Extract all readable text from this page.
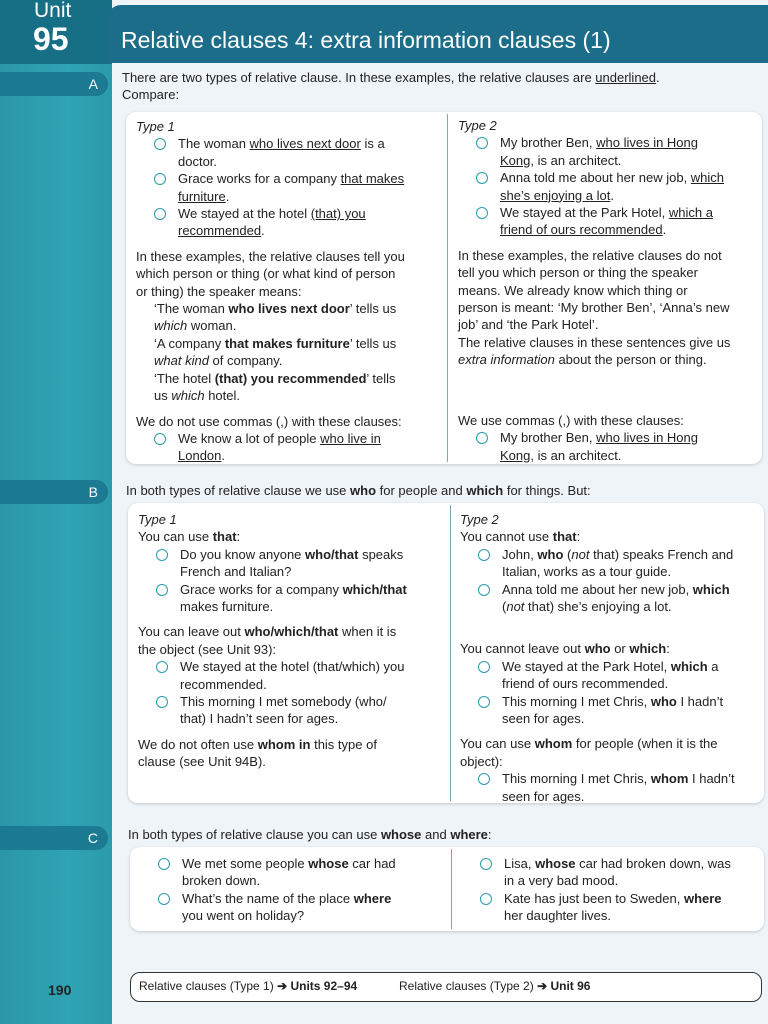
Unit
95 Relative clauses 4: extra information clauses (1)
A There are two types of relative clause. In these examples, the relative clauses are underlined.
Compare:

Type 1

The woman who lives next door is a
doctor.
Grace works for a company that makes
furniture.
We stayed at the hotel (that) you
recommended.

In these examples, the relative clauses tell you

which person or thing (or what kind of person

or thing) the speaker means:

‘The woman who lives next door’ tells us

which woman.

‘A company that makes furniture’ tells us

what kind of company.

‘The hotel (that) you recommended’ tells

us which hotel.

We do not use commas (,) with these clauses:

We know a lot of people who live in
London.

Type 2

My brother Ben, who lives in Hong
Kong, is an architect.
Anna told me about her new job, which
she’s enjoying a lot.
We stayed at the Park Hotel, which a
friend of ours recommended.

In these examples, the relative clauses do not

tell you which person or thing the speaker

means. We already know which thing or

person is meant: ‘My brother Ben’, ‘Anna’s new

job’ and ‘the Park Hotel’.

The relative clauses in these sentences give us

extra information about the person or thing.

We use commas (,) with these clauses:

My brother Ben, who lives in Hong
Kong, is an architect.
B In both types of relative clause we use who for people and which for things. But:

Type 1

You can use that:

Do you know anyone who/that speaks
French and Italian?
Grace works for a company which/that
makes furniture.

You can leave out who/which/that when it is

the object (see Unit 93):

We stayed at the hotel (that/which) you
recommended.
This morning I met somebody (who/
that) I hadn’t seen for ages.

We do not often use whom in this type of

clause (see Unit 94B).

Type 2

You cannot use that:

John, who (not that) speaks French and
Italian, works as a tour guide.
Anna told me about her new job, which
(not that) she’s enjoying a lot.

You cannot leave out who or which:

We stayed at the Park Hotel, which a
friend of ours recommended.
This morning I met Chris, who I hadn’t
seen for ages.

You can use whom for people (when it is the

object):

This morning I met Chris, whom I hadn’t
seen for ages.
C In both types of relative clause you can use whose and where:
We met some people whose car had
broken down.
What’s the name of the place where
you went on holiday?
Lisa, whose car had broken down, was
in a very bad mood.
Kate has just been to Sweden, where
her daughter lives.
190	Relative clauses (Type 1) ➔ Units 92–94	Relative clauses (Type 2) ➔ Unit 96
